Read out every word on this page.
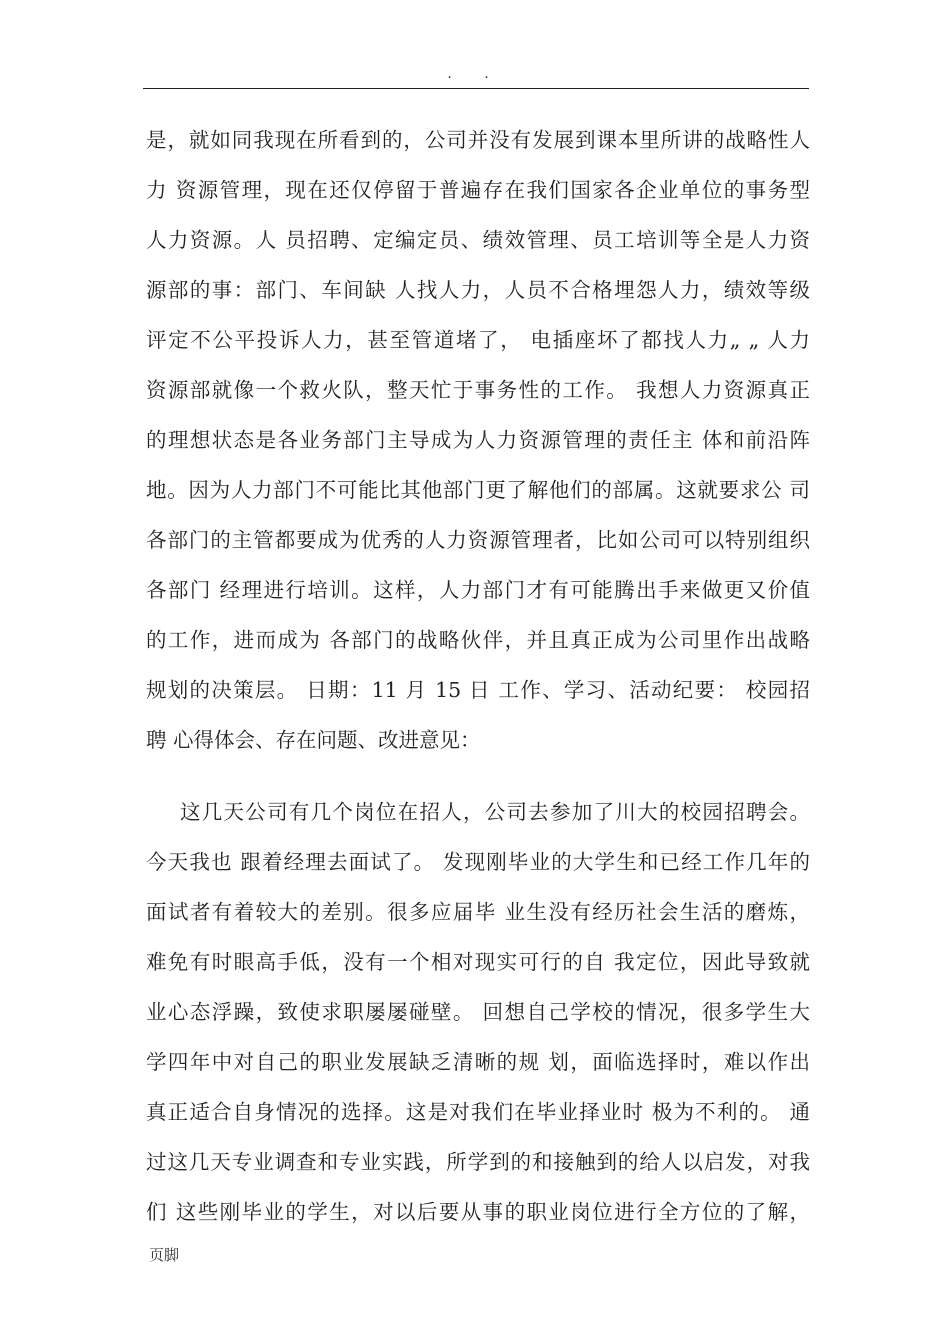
. .
是，就如同我现在所看到的，公司并没有发展到课本里所讲的战略性人
力 资源管理，现在还仅停留于普遍存在我们国家各企业单位的事务型
人力资源。人 员招聘、定编定员、绩效管理、员工培训等全是人力资
源部的事：部门、车间缺 人找人力，人员不合格埋怨人力，绩效等级
评定不公平投诉人力，甚至管道堵了， 电插座坏了都找人力„ „ 人力
资源部就像一个救火队，整天忙于事务性的工作。 我想人力资源真正
的理想状态是各业务部门主导成为人力资源管理的责任主 体和前沿阵
地。因为人力部门不可能比其他部门更了解他们的部属。这就要求公 司
各部门的主管都要成为优秀的人力资源管理者，比如公司可以特别组织
各部门 经理进行培训。这样，人力部门才有可能腾出手来做更又价值
的工作，进而成为 各部门的战略伙伴，并且真正成为公司里作出战略
规划的决策层。 日期：11 月 15 日 工作、学习、活动纪要： 校园招
聘 心得体会、存在问题、改进意见：
这几天公司有几个岗位在招人，公司去参加了川大的校园招聘会。
今天我也 跟着经理去面试了。 发现刚毕业的大学生和已经工作几年的
面试者有着较大的差别。很多应届毕 业生没有经历社会生活的磨炼，
难免有时眼高手低，没有一个相对现实可行的自 我定位，因此导致就
业心态浮躁，致使求职屡屡碰壁。 回想自己学校的情况，很多学生大
学四年中对自己的职业发展缺乏清晰的规 划，面临选择时，难以作出
真正适合自身情况的选择。这是对我们在毕业择业时 极为不利的。 通
过这几天专业调查和专业实践，所学到的和接触到的给人以启发，对我
们 这些刚毕业的学生，对以后要从事的职业岗位进行全方位的了解，
页脚
